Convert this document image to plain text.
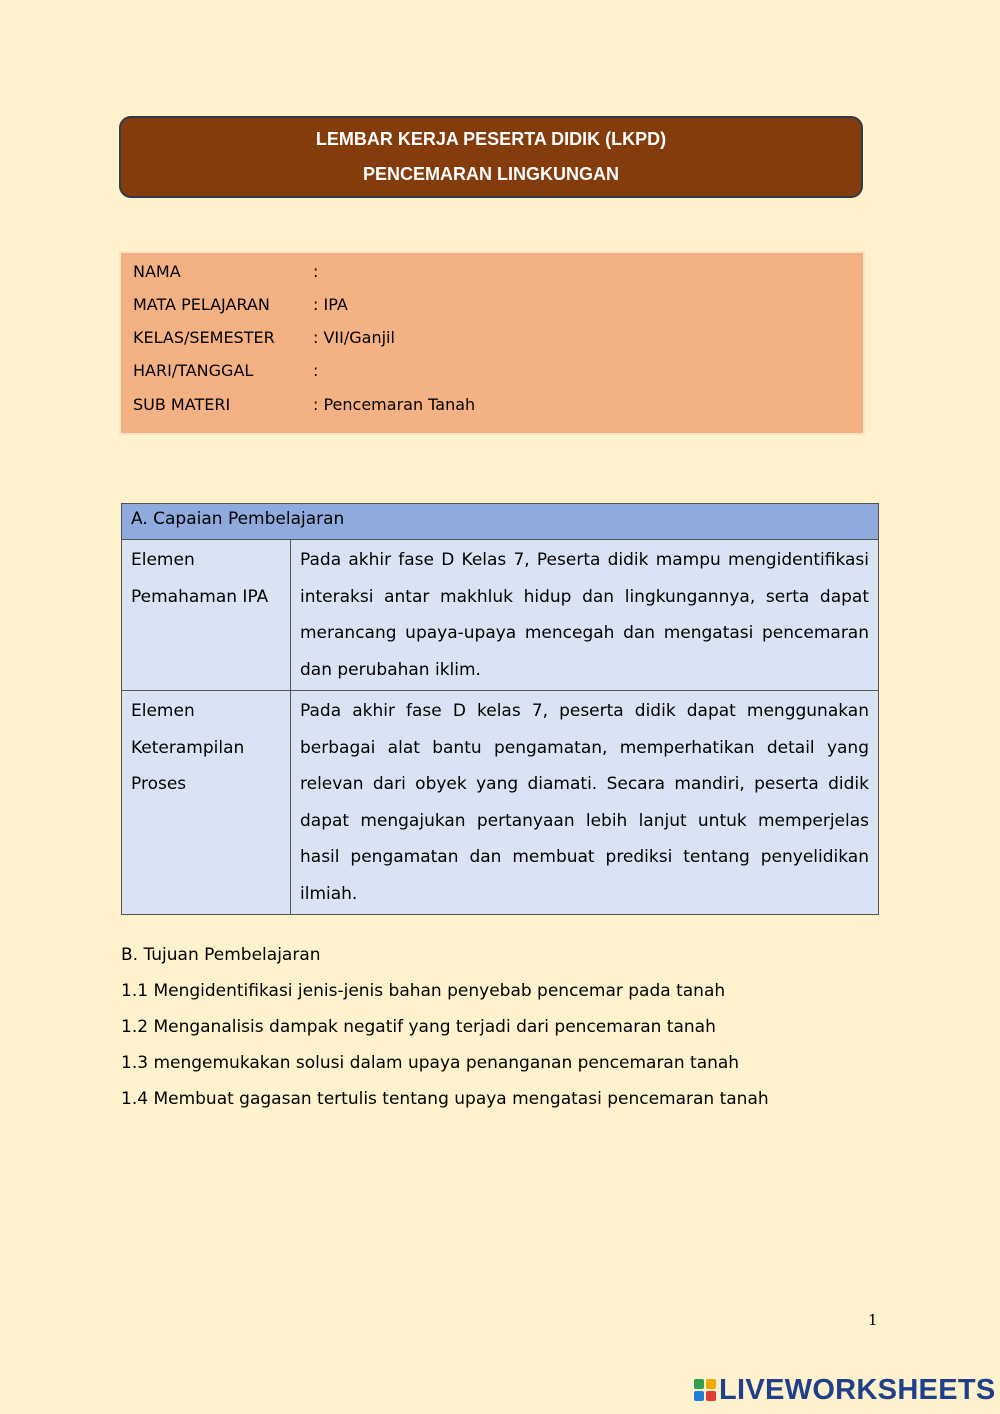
LEMBAR KERJA PESERTA DIDIK (LKPD)
PENCEMARAN LINGKUNGAN
NAMA	:
MATA PELAJARAN	: IPA
KELAS/SEMESTER	: VII/Ganjil
HARI/TANGGAL	:
SUB MATERI	: Pencemaran Tanah
A. Capaian Pembelajaran	
Elemen Pemahaman IPA	Pada akhir fase D Kelas 7, Peserta didik mampu mengidentifikasi interaksi antar makhluk hidup dan lingkungannya, serta dapat merancang upaya-upaya mencegah dan mengatasi pencemaran dan perubahan iklim.
Elemen Keterampilan Proses	Pada akhir fase D kelas 7, peserta didik dapat menggunakan berbagai alat bantu pengamatan, memperhatikan detail yang relevan dari obyek yang diamati. Secara mandiri, peserta didik dapat mengajukan pertanyaan lebih lanjut untuk memperjelas hasil pengamatan dan membuat prediksi tentang penyelidikan ilmiah.
B. Tujuan Pembelajaran
1.1 Mengidentifikasi jenis-jenis bahan penyebab pencemar pada tanah
1.2 Menganalisis dampak negatif yang terjadi dari pencemaran tanah
1.3 mengemukakan solusi dalam upaya penanganan pencemaran tanah
1.4 Membuat gagasan tertulis tentang upaya mengatasi pencemaran tanah
1
LIVEWORKSHEETS
